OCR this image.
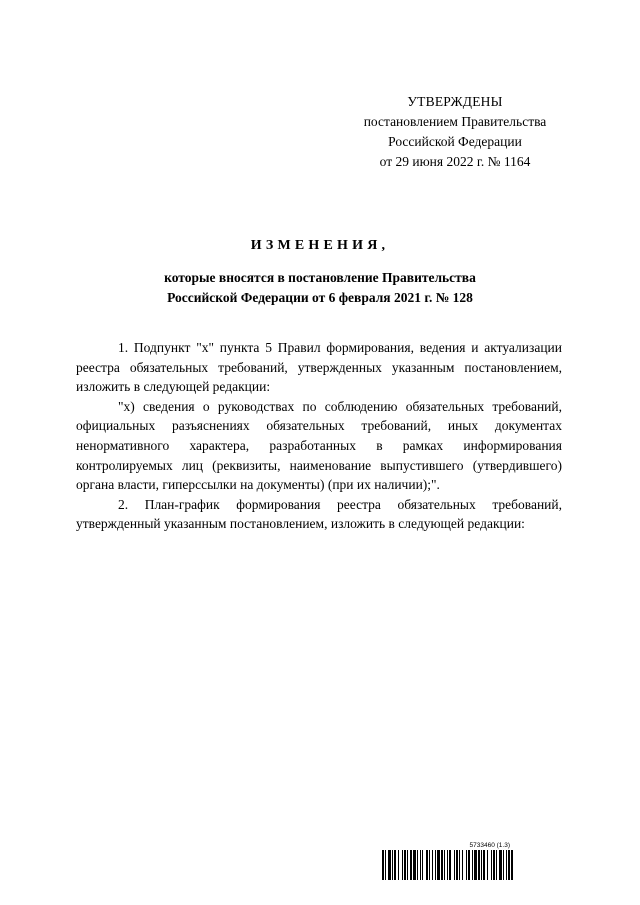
УТВЕРЖДЕНЫ
постановлением Правительства
Российской Федерации
от 29 июня 2022 г. № 1164
ИЗМЕНЕНИЯ,
которые вносятся в постановление Правительства
Российской Федерации от 6 февраля 2021 г. № 128

1. Подпункт "х" пункта 5 Правил формирования, ведения и актуализации реестра обязательных требований, утвержденных указанным постановлением, изложить в следующей редакции:

"х) сведения о руководствах по соблюдению обязательных требований, официальных разъяснениях обязательных требований, иных документах ненормативного характера, разработанных в рамках информирования контролируемых лиц (реквизиты, наименование выпустившего (утвердившего) органа власти, гиперссылки на документы) (при их наличии);".

2. План-график формирования реестра обязательных требований, утвержденный указанным постановлением, изложить в следующей редакции:

5733460 (1.3)
